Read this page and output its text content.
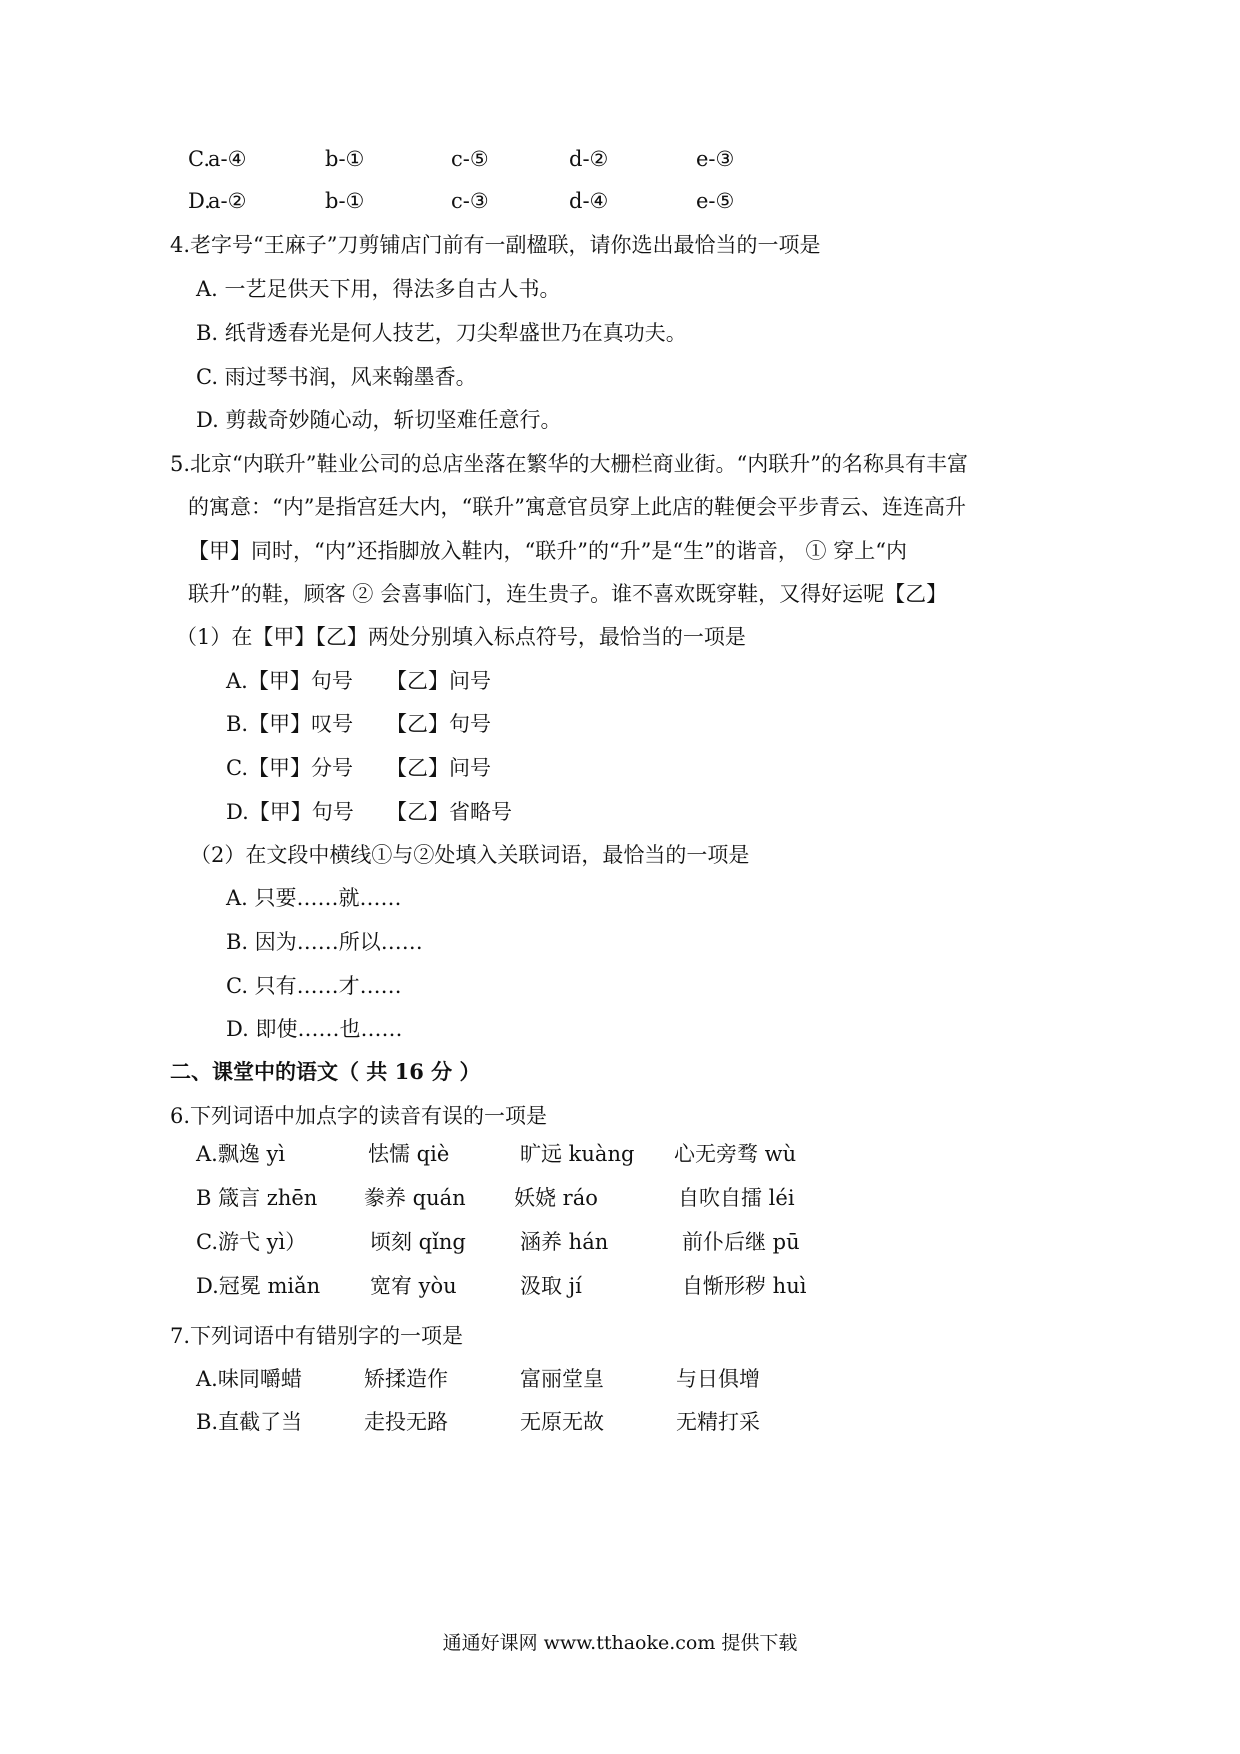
C.
a-④	b-①	c-⑤	d-②	e-③
D.
a-②	b-①	c-③	d-④	e-⑤
4.老字号“王麻子”刀剪铺店门前有一副楹联，请你选出最恰当的一项是
A. 一艺足供天下用，得法多自古人书。
B. 纸背透春光是何人技艺，刀尖犁盛世乃在真功夫。
C. 雨过琴书润，风来翰墨香。
D. 剪裁奇妙随心动，斩切坚难任意行。
5.北京“内联升”鞋业公司的总店坐落在繁华的大栅栏商业街。“内联升”的名称具有丰富
的寓意：“内”是指宫廷大内，“联升”寓意官员穿上此店的鞋便会平步青云、连连高升
【甲】同时，“内”还指脚放入鞋内，“联升”的“升”是“生”的谐音， ① 穿上“内
联升”的鞋，顾客 ② 会喜事临门，连生贵子。谁不喜欢既穿鞋，又得好运呢【乙】
（1）在【甲】【乙】两处分别填入标点符号，最恰当的一项是
A.【甲】句号 【乙】问号
B.【甲】叹号 【乙】句号
C.【甲】分号 【乙】问号
D.【甲】句号 【乙】省略号
（2）在文段中横线①与②处填入关联词语，最恰当的一项是
A. 只要……就……
B. 因为……所以……
C. 只有……才……
D. 即使……也……
二、课堂中的语文（ 共 16 分 ）
6.下列词语中加点字的读音有误的一项是
A.飘逸 yì	怯懦 qiè	旷远 kuàng 心无旁骛 wù
B 箴言 zhēn 豢养 quán 妖娆 ráo	自吹自擂 léi
C.游弋 yì）	顷刻 qǐng	涵养 hán	前仆后继 pū
D.冠冕 miǎn 宽宥 yòu	汲取 jí	自惭形秽 huì
7.下列词语中有错别字的一项是
A.味同嚼蜡	矫揉造作	富丽堂皇	与日俱增
B.直截了当	走投无路	无原无故	无精打采
通通好课网 www.tthaoke.com 提供下载
